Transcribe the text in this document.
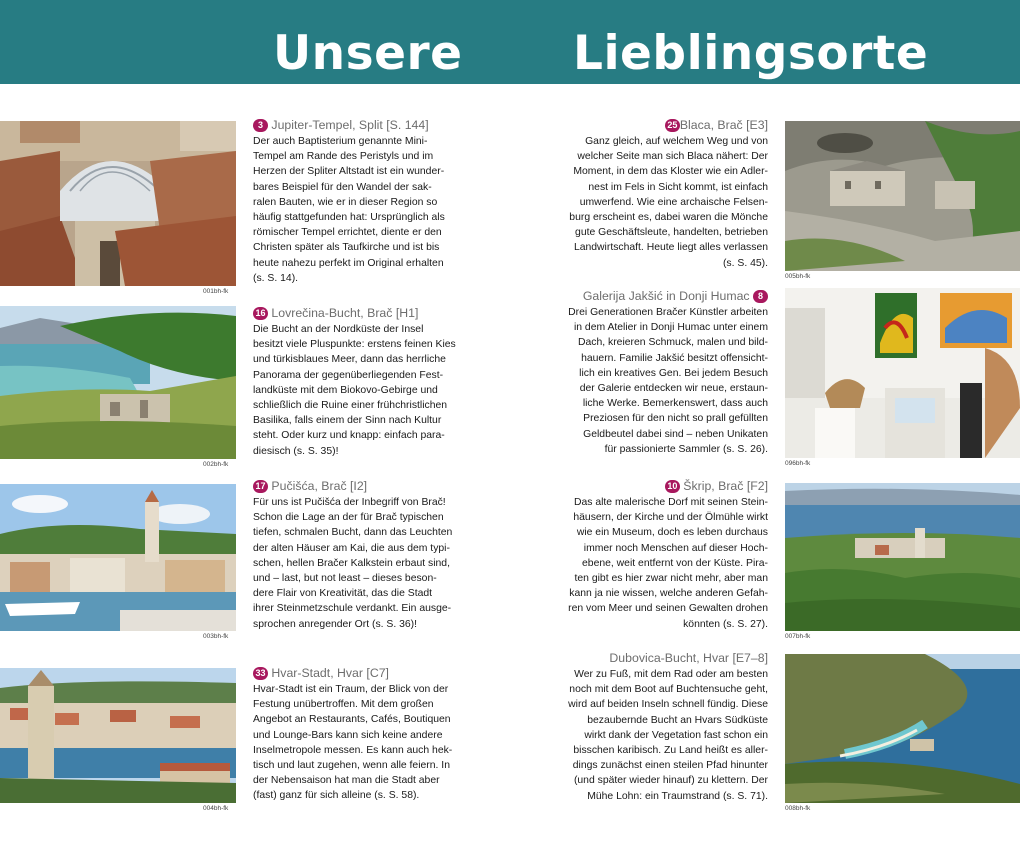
Unsere Lieblingsorte
001bh-fk
002bh-fk
003bh-fk
004bh-fk
3 Jupiter-Tempel, Split [S. 144]
Der auch Baptisterium genannte Mini-
Tempel am Rande des Peristyls und im
Herzen der Spliter Altstadt ist ein wunder-
bares Beispiel für den Wandel der sak-
ralen Bauten, wie er in dieser Region so
häufig stattgefunden hat: Ursprünglich als
römischer Tempel errichtet, diente er den
Christen später als Taufkirche und ist bis
heute nahezu perfekt im Original erhalten
(s. S. 14).
16 Lovrečina-Bucht, Brač [H1]
Die Bucht an der Nordküste der Insel
besitzt viele Pluspunkte: erstens feinen Kies
und türkisblaues Meer, dann das herrliche
Panorama der gegenüberliegenden Fest-
landküste mit dem Biokovo-Gebirge und
schließlich die Ruine einer frühchristlichen
Basilika, falls einem der Sinn nach Kultur
steht. Oder kurz und knapp: einfach para-
diesisch (s. S. 35)!
17 Pučišća, Brač [I2]
Für uns ist Pučišća der Inbegriff von Brač!
Schon die Lage an der für Brač typischen
tiefen, schmalen Bucht, dann das Leuchten
der alten Häuser am Kai, die aus dem typi-
schen, hellen Bračer Kalkstein erbaut sind,
und – last, but not least – dieses beson-
dere Flair von Kreativität, das die Stadt
ihrer Steinmetzschule verdankt. Ein ausge-
sprochen anregender Ort (s. S. 36)!
33 Hvar-Stadt, Hvar [C7]
Hvar-Stadt ist ein Traum, der Blick von der
Festung unübertroffen. Mit dem großen
Angebot an Restaurants, Cafés, Boutiquen
und Lounge-Bars kann sich keine andere
Inselmetropole messen. Es kann auch hek-
tisch und laut zugehen, wenn alle feiern. In
der Nebensaison hat man die Stadt aber
(fast) ganz für sich alleine (s. S. 58).
25 Blaca, Brač [E3]
Ganz gleich, auf welchem Weg und von
welcher Seite man sich Blaca nähert: Der
Moment, in dem das Kloster wie ein Adler-
nest im Fels in Sicht kommt, ist einfach
umwerfend. Wie eine archaische Felsen-
burg erscheint es, dabei waren die Mönche
gute Geschäftsleute, handelten, betrieben
Landwirtschaft. Heute liegt alles verlassen
(s. S. 45).
Galerija Jakšić in Donji Humac 8
Drei Generationen Bračer Künstler arbeiten
in dem Atelier in Donji Humac unter einem
Dach, kreieren Schmuck, malen und bild-
hauern. Familie Jakšić besitzt offensicht-
lich ein kreatives Gen. Bei jedem Besuch
der Galerie entdecken wir neue, erstaun-
liche Werke. Bemerkenswert, dass auch
Preziosen für den nicht so prall gefüllten
Geldbeutel dabei sind – neben Unikaten
für passionierte Sammler (s. S. 26).
10 Škrip, Brač [F2]
Das alte malerische Dorf mit seinen Stein-
häusern, der Kirche und der Ölmühle wirkt
wie ein Museum, doch es leben durchaus
immer noch Menschen auf dieser Hoch-
ebene, weit entfernt von der Küste. Pira-
ten gibt es hier zwar nicht mehr, aber man
kann ja nie wissen, welche anderen Gefah-
ren vom Meer und seinen Gewalten drohen
könnten (s. S. 27).
Dubovica-Bucht, Hvar [E7–8]
Wer zu Fuß, mit dem Rad oder am besten
noch mit dem Boot auf Buchtensuche geht,
wird auf beiden Inseln schnell fündig. Diese
bezaubernde Bucht an Hvars Südküste
wirkt dank der Vegetation fast schon ein
bisschen karibisch. Zu Land heißt es aller-
dings zunächst einen steilen Pfad hinunter
(und später wieder hinauf) zu klettern. Der
Mühe Lohn: ein Traumstrand (s. S. 71).
005bh-fk
096bh-fk
007bh-fk
008bh-fk
